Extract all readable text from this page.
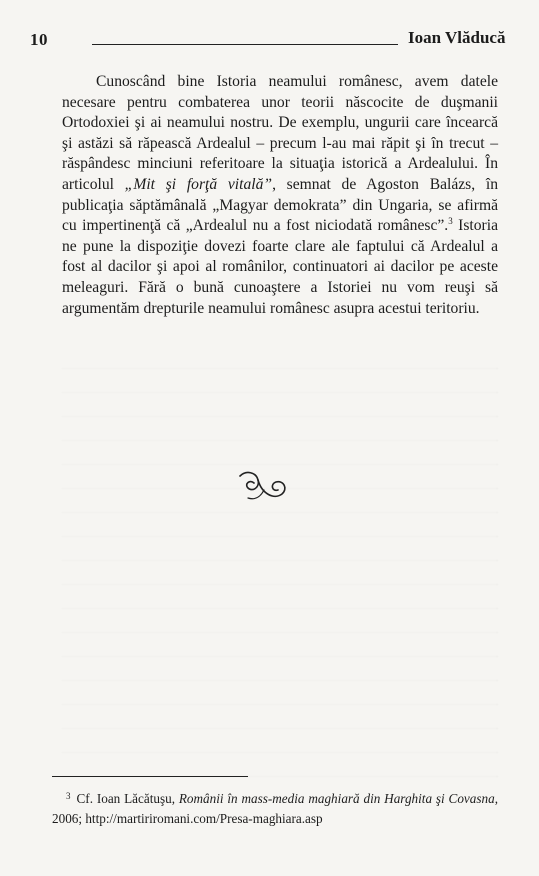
10	Ioan Vlăducă

Cunoscând bine Istoria neamului românesc, avem datele necesare pentru combaterea unor teorii născocite de duşmanii Ortodoxiei şi ai neamului nostru. De exemplu, ungurii care încearcă şi astăzi să răpească Ardealul – precum l-au mai răpit şi în trecut – răspândesc minciuni referitoare la situaţia istorică a Ardealului. În articolul „Mit şi forţă vitală”, semnat de Agoston Balázs, în publicaţia săptămânală „Magyar demokrata” din Ungaria, se afirmă cu impertinenţă că „Ardealul nu a fost niciodată românesc”.$^3$ Istoria ne pune la dispoziţie dovezi foarte clare ale faptului că Ardealul a fost al dacilor şi apoi al românilor, continuatori ai dacilor pe aceste meleaguri. Fără o bună cunoaştere a Istoriei nu vom reuşi să argumentăm drepturile neamului românesc asupra acestui teritoriu.

$^3$ Cf. Ioan Lăcătuşu, Românii în mass-media maghiară din Harghita şi Covasna, 2006; http://martiriromani.com/Presa-maghiara.asp
